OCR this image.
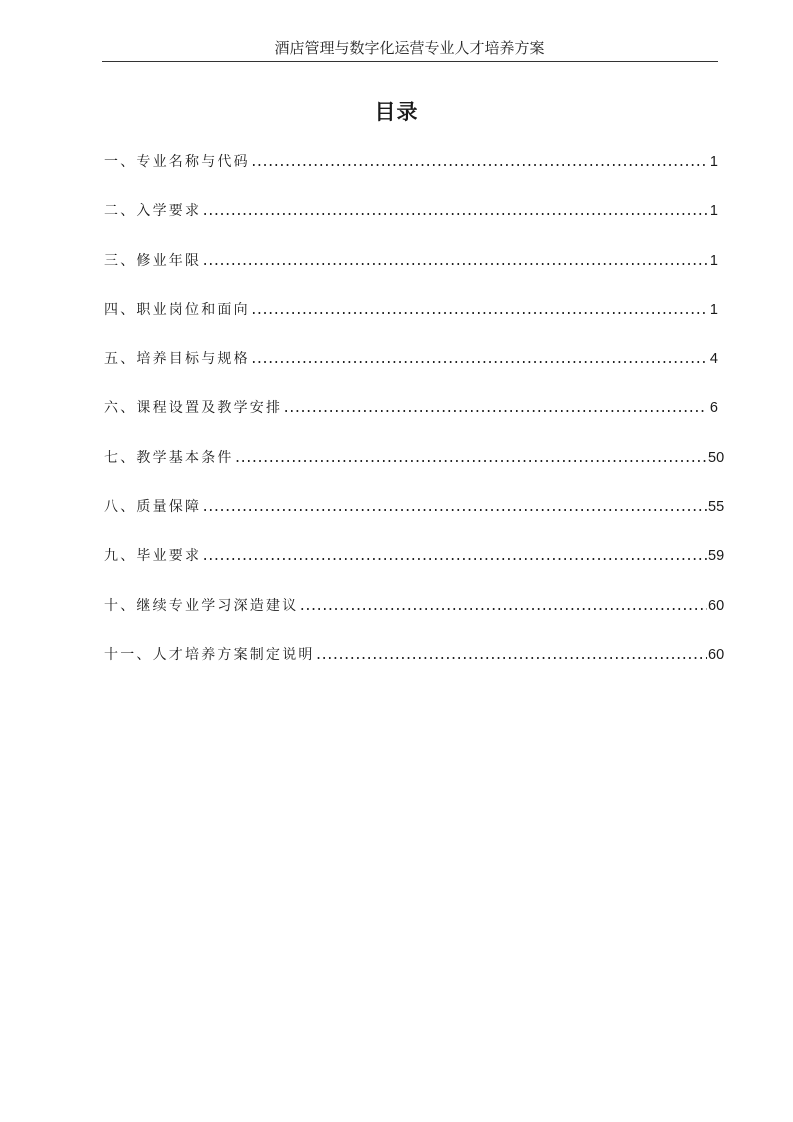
酒店管理与数字化运营专业人才培养方案
目录
一、专业名称与代码 .....	1
二、入学要求 .....	1
三、修业年限 .....	1
四、职业岗位和面向 .....	1
五、培养目标与规格 .....	4
六、课程设置及教学安排 .....	6
七、教学基本条件 .....	50
八、质量保障 .....	55
九、毕业要求 .....	59
十、继续专业学习深造建议 .....	60
十一、人才培养方案制定说明 .....	60
